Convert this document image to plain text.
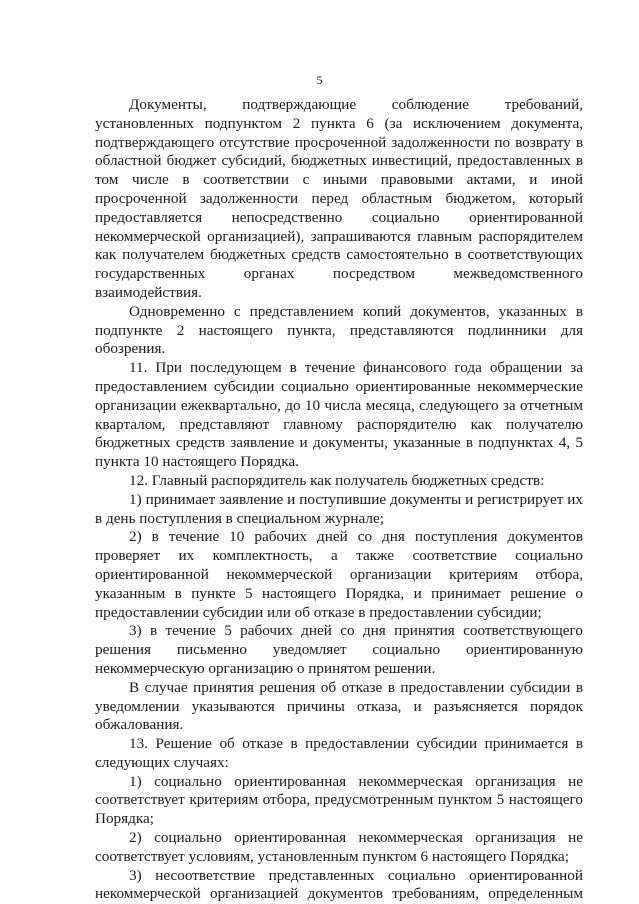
5

Документы, подтверждающие соблюдение требований, установленных подпунктом 2 пункта 6 (за исключением документа, подтверждающего отсутствие просроченной задолженности по возврату в областной бюджет субсидий, бюджетных инвестиций, предоставленных в том числе в соответствии с иными правовыми актами, и иной просроченной задолженности перед областным бюджетом, который предоставляется непосредственно социально ориентированной некоммерческой организацией), запрашиваются главным распорядителем как получателем бюджетных средств самостоятельно в соответствующих государственных органах посредством межведомственного взаимодействия.

Одновременно с представлением копий документов, указанных в подпункте 2 настоящего пункта, представляются подлинники для обозрения.

11. При последующем в течение финансового года обращении за предоставлением субсидии социально ориентированные некоммерческие организации ежеквартально, до 10 числа месяца, следующего за отчетным кварталом, представляют главному распорядителю как получателю бюджетных средств заявление и документы, указанные в подпунктах 4, 5 пункта 10 настоящего Порядка.

12. Главный распорядитель как получатель бюджетных средств:

1) принимает заявление и поступившие документы и регистрирует их в день поступления в специальном журнале;

2) в течение 10 рабочих дней со дня поступления документов проверяет их комплектность, а также соответствие социально ориентированной некоммерческой организации критериям отбора, указанным в пункте 5 настоящего Порядка, и принимает решение о предоставлении субсидии или об отказе в предоставлении субсидии;

3) в течение 5 рабочих дней со дня принятия соответствующего решения письменно уведомляет социально ориентированную некоммерческую организацию о принятом решении.

В случае принятия решения об отказе в предоставлении субсидии в уведомлении указываются причины отказа, и разъясняется порядок обжалования.

13. Решение об отказе в предоставлении субсидии принимается в следующих случаях:

1) социально ориентированная некоммерческая организация не соответствует критериям отбора, предусмотренным пунктом 5 настоящего Порядка;

2) социально ориентированная некоммерческая организация не соответствует условиям, установленным пунктом 6 настоящего Порядка;

3) несоответствие представленных социально ориентированной некоммерческой организацией документов требованиям, определенным
